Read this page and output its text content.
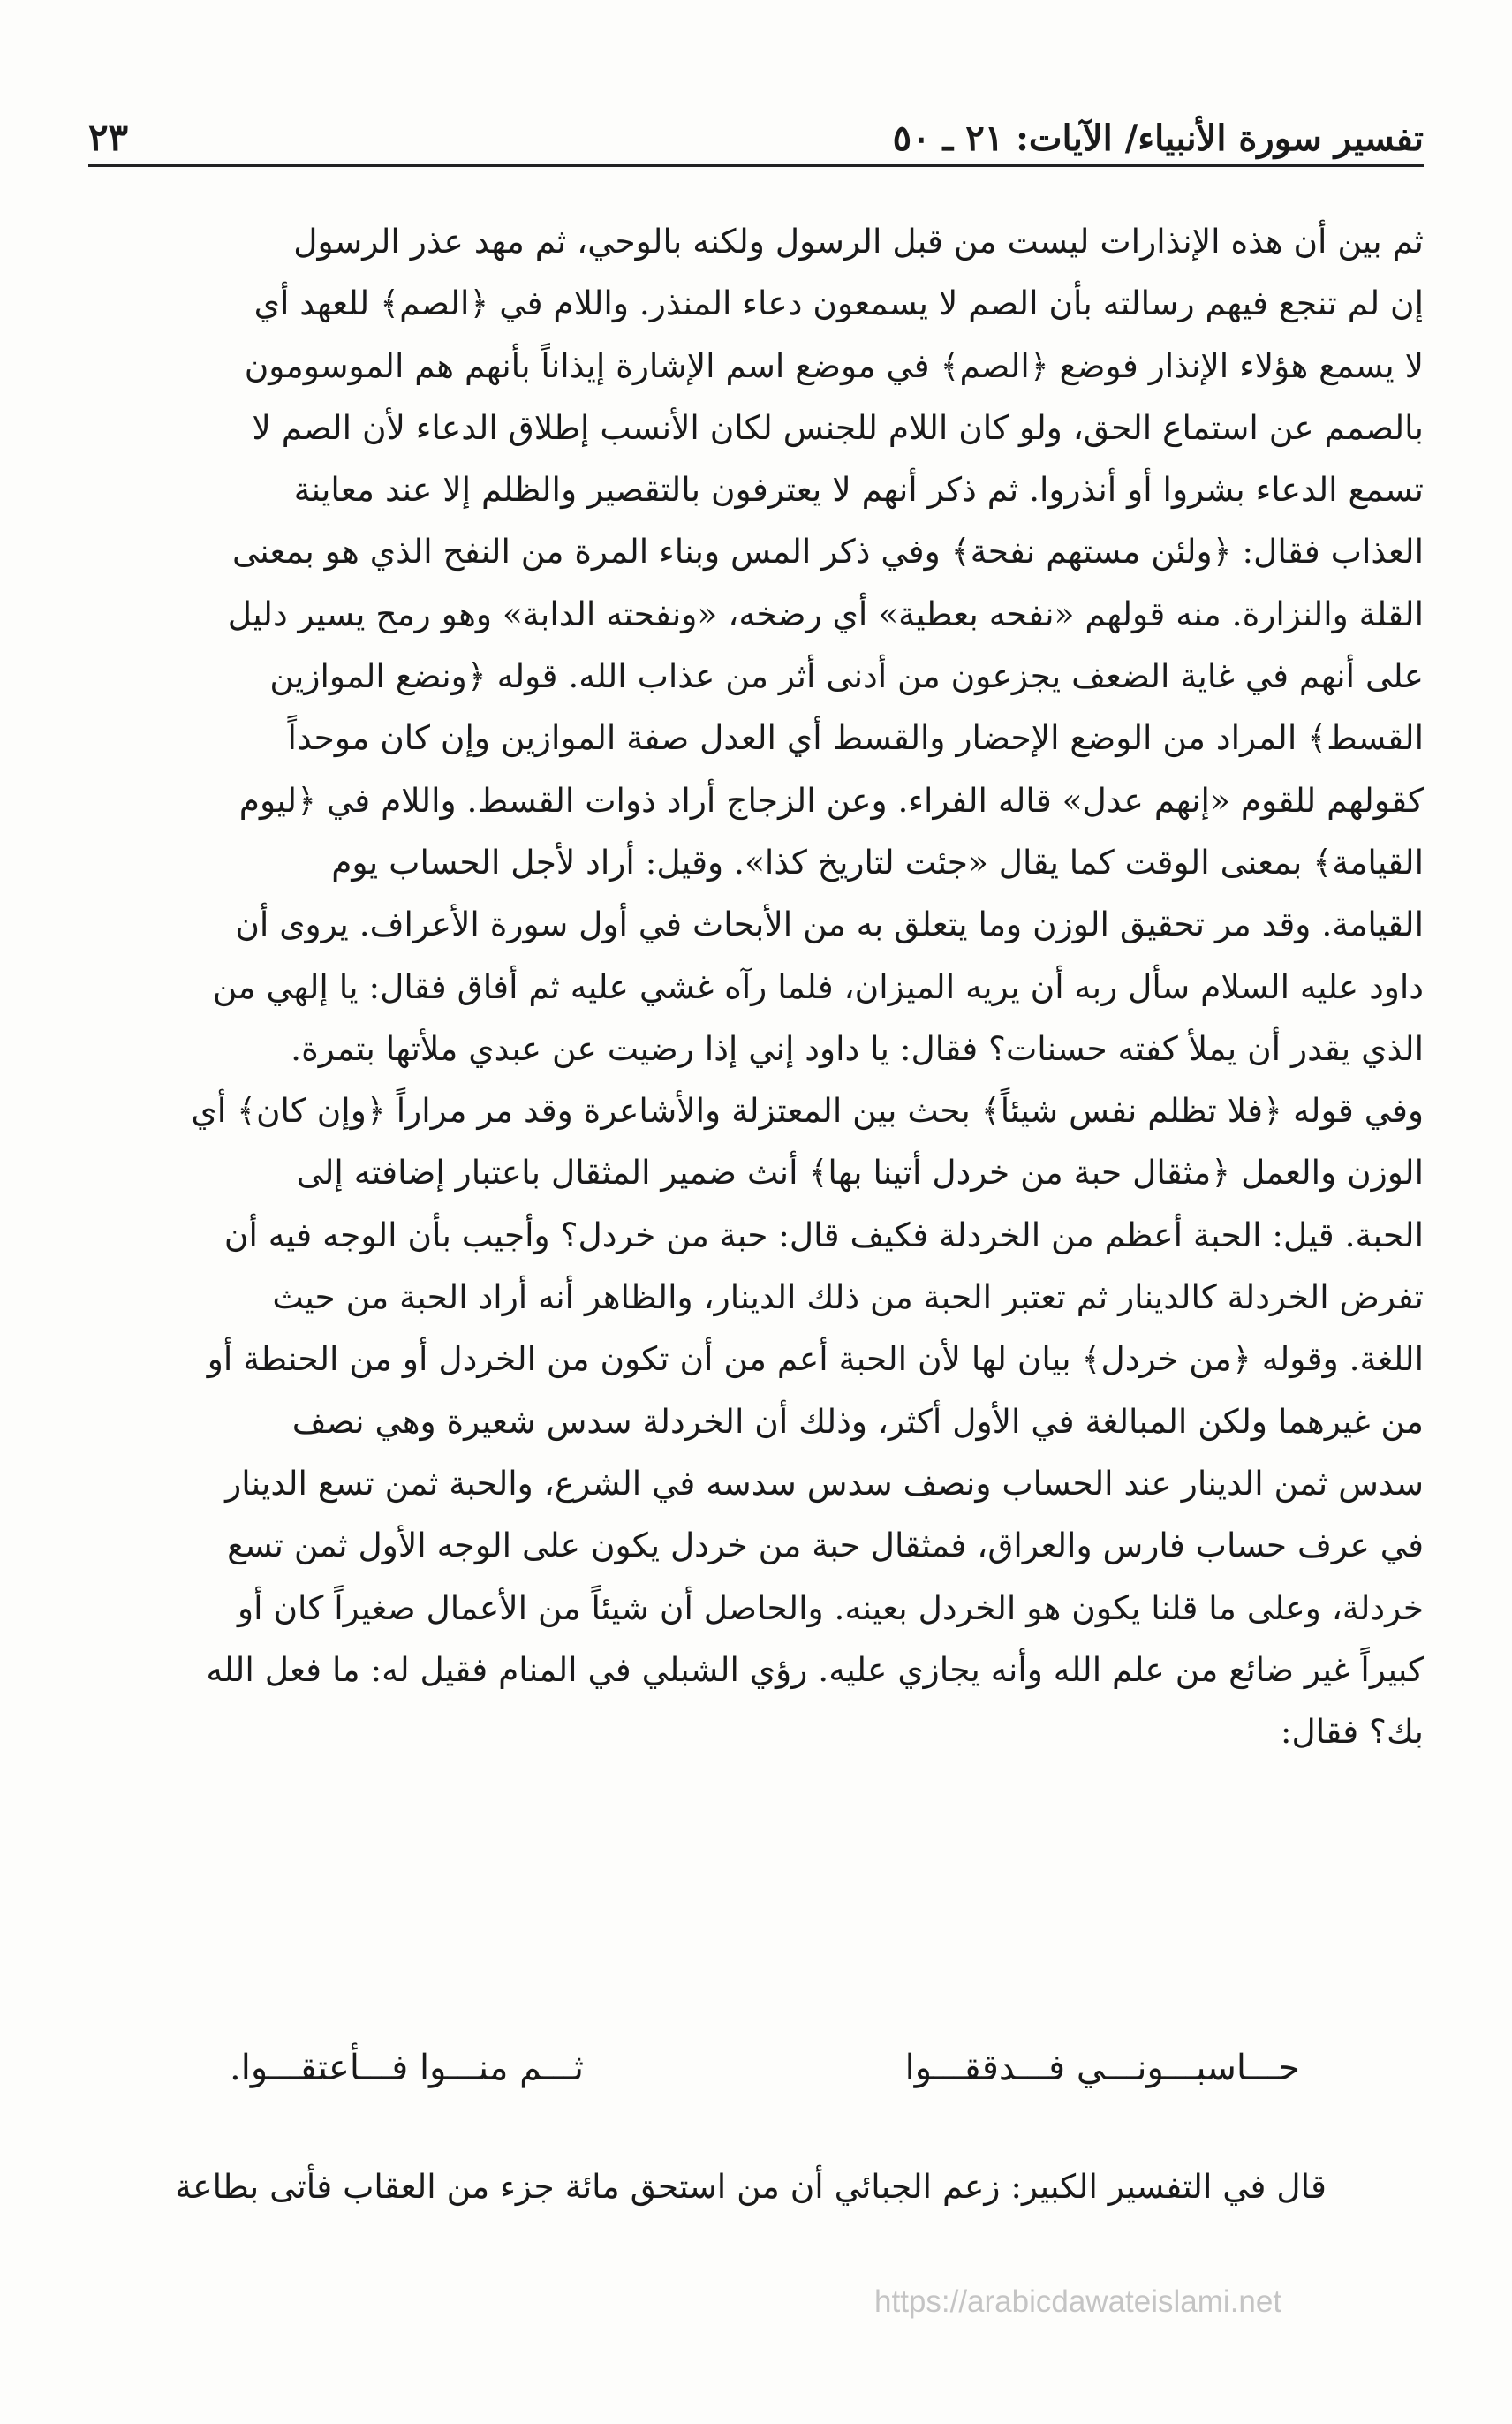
تفسير سورة الأنبياء/ الآيات: ٢١ ـ ٥٠
٢٣
ثم بين أن هذه الإنذارات ليست من قبل الرسول ولكنه بالوحي، ثم مهد عذر الرسول
إن لم تنجع فيهم رسالته بأن الصم لا يسمعون دعاء المنذر. واللام في ﴿الصم﴾ للعهد أي
لا يسمع هؤلاء الإنذار فوضع ﴿الصم﴾ في موضع اسم الإشارة إيذاناً بأنهم هم الموسومون
بالصمم عن استماع الحق، ولو كان اللام للجنس لكان الأنسب إطلاق الدعاء لأن الصم لا
تسمع الدعاء بشروا أو أنذروا. ثم ذكر أنهم لا يعترفون بالتقصير والظلم إلا عند معاينة
العذاب فقال: ﴿ولئن مستهم نفحة﴾ وفي ذكر المس وبناء المرة من النفح الذي هو بمعنى
القلة والنزارة. منه قولهم «نفحه بعطية» أي رضخه، «ونفحته الدابة» وهو رمح يسير دليل
على أنهم في غاية الضعف يجزعون من أدنى أثر من عذاب الله. قوله ﴿ونضع الموازين
القسط﴾ المراد من الوضع الإحضار والقسط أي العدل صفة الموازين وإن كان موحداً
كقولهم للقوم «إنهم عدل» قاله الفراء. وعن الزجاج أراد ذوات القسط. واللام في ﴿ليوم
القيامة﴾ بمعنى الوقت كما يقال «جئت لتاريخ كذا». وقيل: أراد لأجل الحساب يوم
القيامة. وقد مر تحقيق الوزن وما يتعلق به من الأبحاث في أول سورة الأعراف. يروى أن
داود عليه السلام سأل ربه أن يريه الميزان، فلما رآه غشي عليه ثم أفاق فقال: يا إلهي من
الذي يقدر أن يملأ كفته حسنات؟ فقال: يا داود إني إذا رضيت عن عبدي ملأتها بتمرة.
وفي قوله ﴿فلا تظلم نفس شيئاً﴾ بحث بين المعتزلة والأشاعرة وقد مر مراراً ﴿وإن كان﴾ أي
الوزن والعمل ﴿مثقال حبة من خردل أتينا بها﴾ أنث ضمير المثقال باعتبار إضافته إلى
الحبة. قيل: الحبة أعظم من الخردلة فكيف قال: حبة من خردل؟ وأجيب بأن الوجه فيه أن
تفرض الخردلة كالدينار ثم تعتبر الحبة من ذلك الدينار، والظاهر أنه أراد الحبة من حيث
اللغة. وقوله ﴿من خردل﴾ بيان لها لأن الحبة أعم من أن تكون من الخردل أو من الحنطة أو
من غيرهما ولكن المبالغة في الأول أكثر، وذلك أن الخردلة سدس شعيرة وهي نصف
سدس ثمن الدينار عند الحساب ونصف سدس سدسه في الشرع، والحبة ثمن تسع الدينار
في عرف حساب فارس والعراق، فمثقال حبة من خردل يكون على الوجه الأول ثمن تسع
خردلة، وعلى ما قلنا يكون هو الخردل بعينه. والحاصل أن شيئاً من الأعمال صغيراً كان أو
كبيراً غير ضائع من علم الله وأنه يجازي عليه. رؤي الشبلي في المنام فقيل له: ما فعل الله
بك؟ فقال:
حـــاسبـــونـــي فـــدققـــوا
ثـــم منـــوا فـــأعتقـــوا.
قال في التفسير الكبير: زعم الجبائي أن من استحق مائة جزء من العقاب فأتى بطاعة
https://arabicdawateislami.net
